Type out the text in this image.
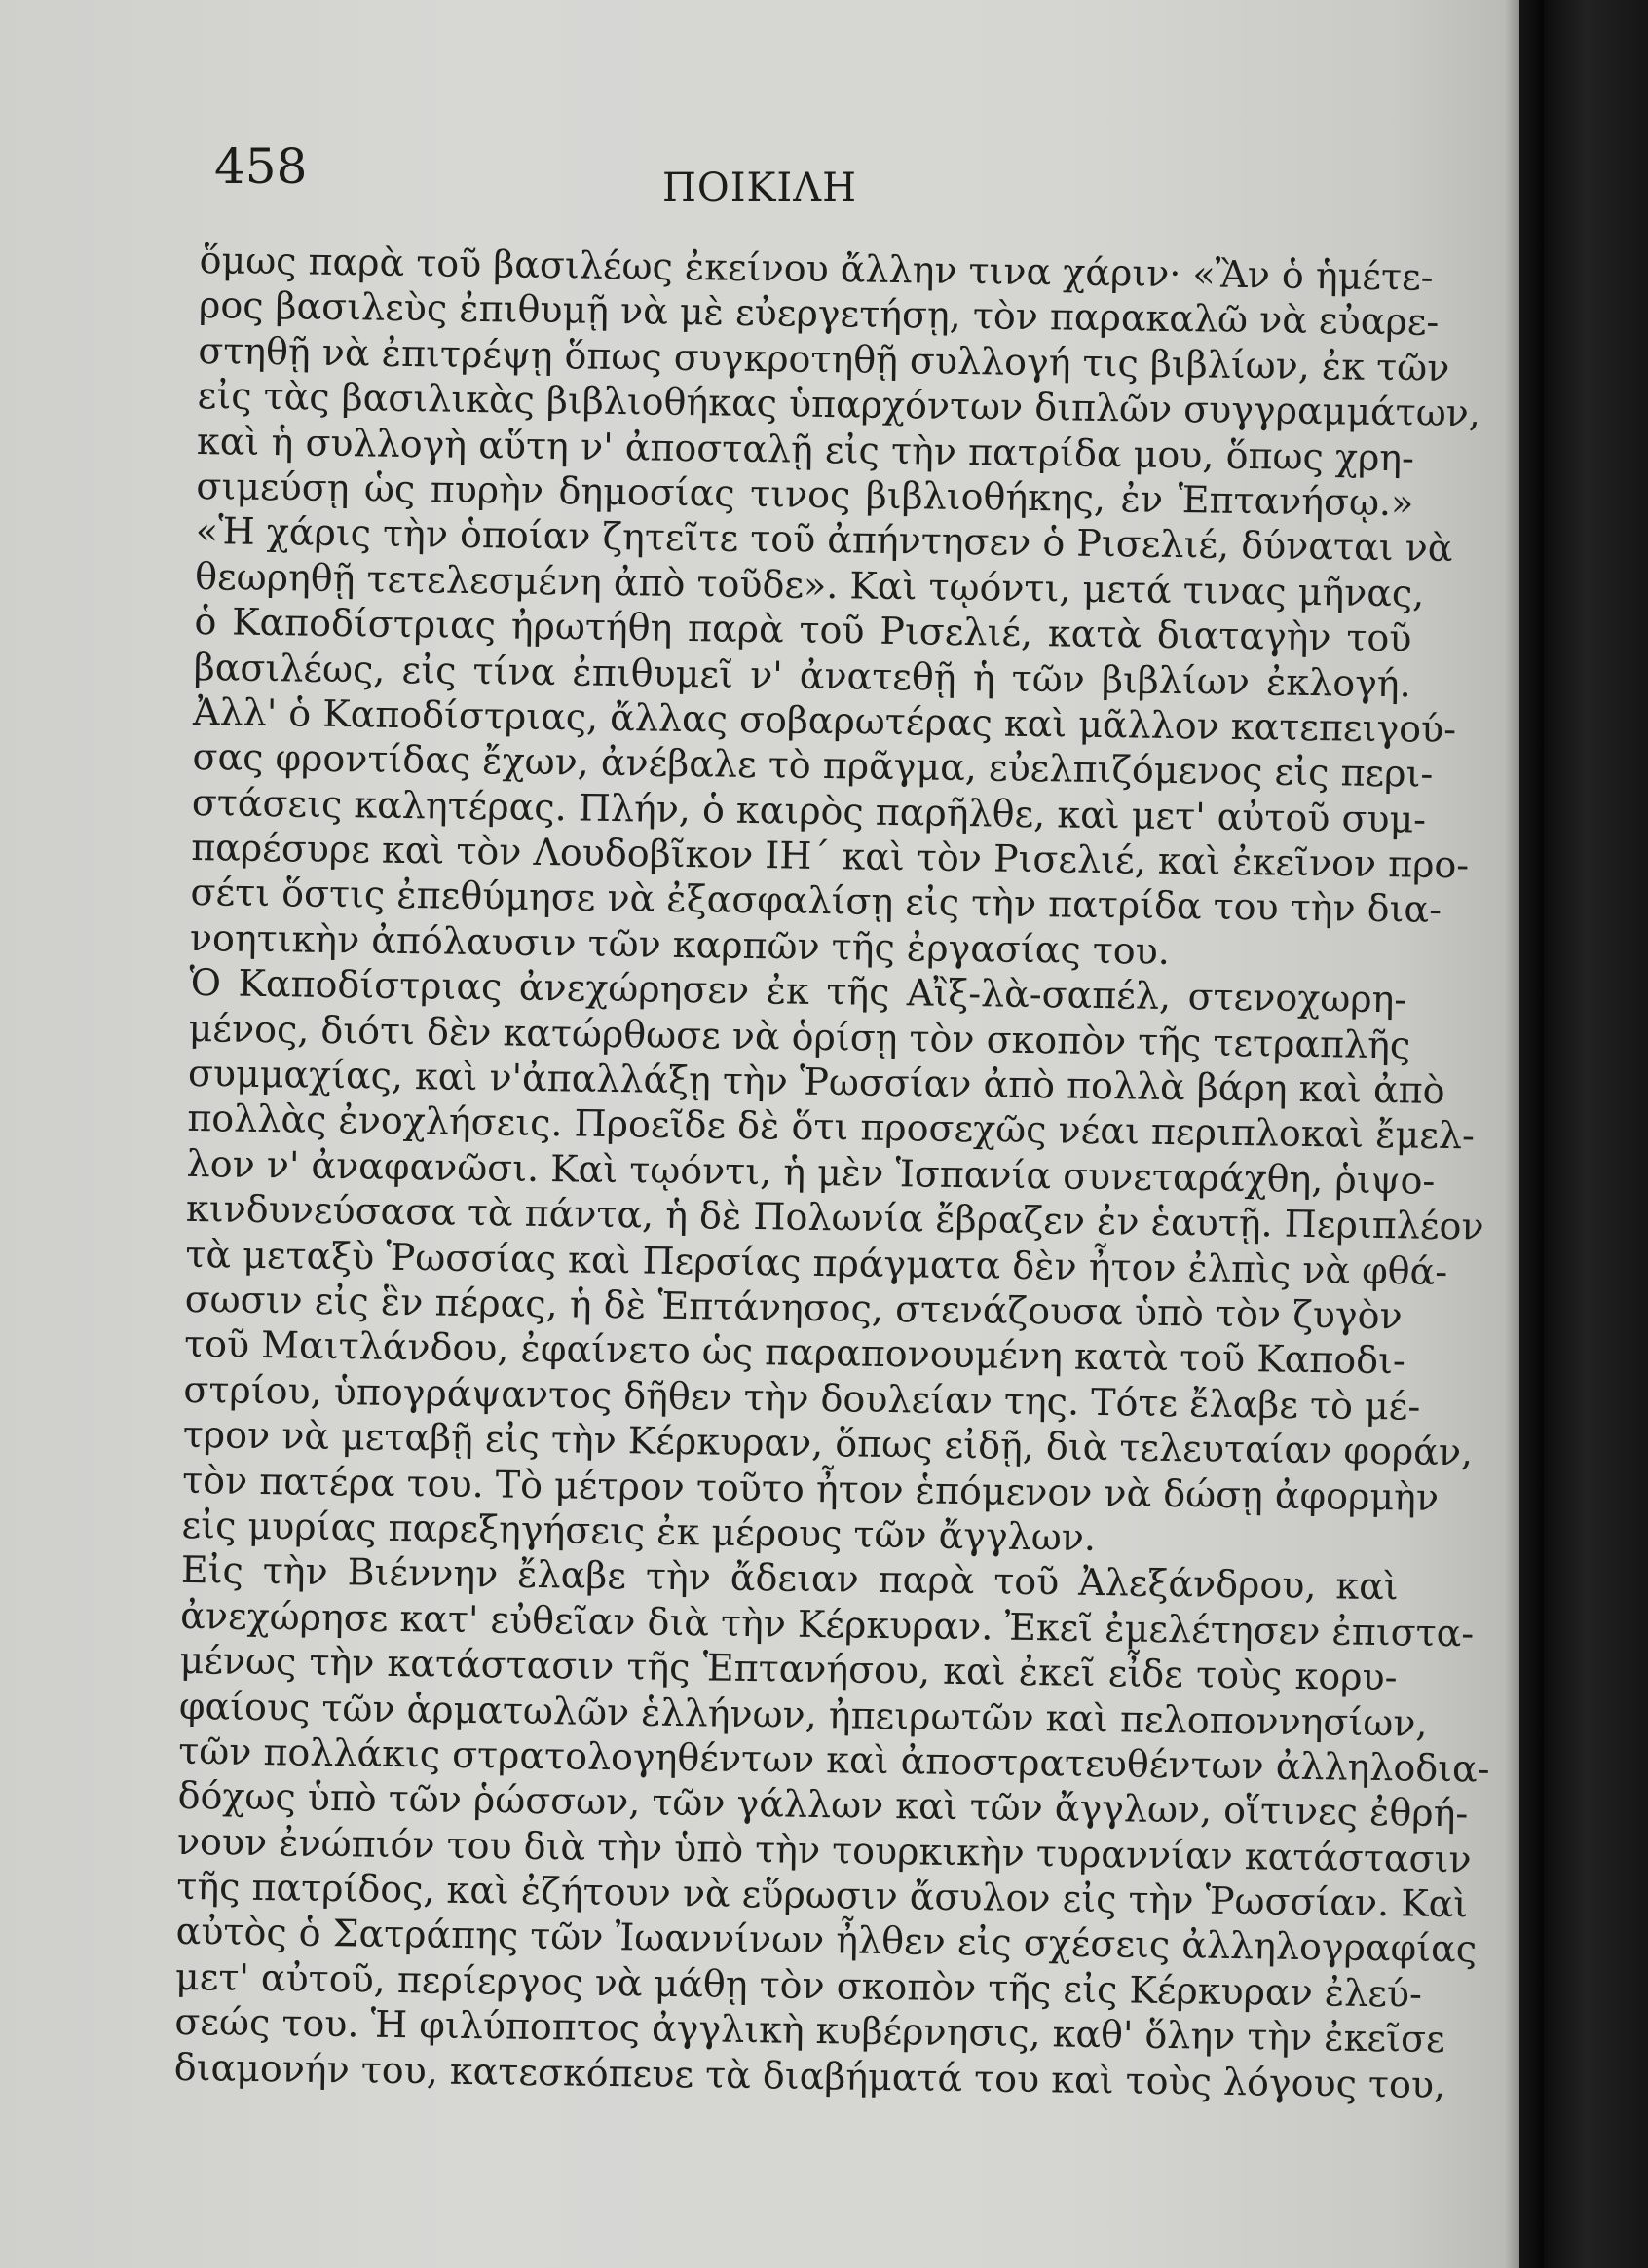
458	ΠΟΙΚΙΛΗ
ὅμως παρὰ τοῦ βασιλέως ἐκείνου ἄλλην τινα χάριν· «Ἂν ὁ ἡμέτε-
ρος βασιλεὺς ἐπιθυμῇ νὰ μὲ εὐεργετήσῃ, τὸν παρακαλῶ νὰ εὐαρε-
στηθῇ νὰ ἐπιτρέψῃ ὅπως συγκροτηθῇ συλλογή τις βιβλίων, ἐκ τῶν
εἰς τὰς βασιλικὰς βιβλιοθήκας ὑπαρχόντων διπλῶν συγγραμμάτων,
καὶ ἡ συλλογὴ αὕτη ν' ἀποσταλῇ εἰς τὴν πατρίδα μου, ὅπως χρη-
σιμεύσῃ ὡς πυρὴν δημοσίας τινος βιβλιοθήκης, ἐν Ἑπτανήσῳ.»
«Ἡ χάρις τὴν ὁποίαν ζητεῖτε τοῦ ἀπήντησεν ὁ Ρισελιέ, δύναται νὰ
θεωρηθῇ τετελεσμένη ἀπὸ τοῦδε». Καὶ τῳόντι, μετά τινας μῆνας,
ὁ Καποδίστριας ἠρωτήθη παρὰ τοῦ Ρισελιέ, κατὰ διαταγὴν τοῦ
βασιλέως, εἰς τίνα ἐπιθυμεῖ ν' ἀνατεθῇ ἡ τῶν βιβλίων ἐκλογή.
Ἀλλ' ὁ Καποδίστριας, ἄλλας σοβαρωτέρας καὶ μᾶλλον κατεπειγού-
σας φροντίδας ἔχων, ἀνέβαλε τὸ πρᾶγμα, εὐελπιζόμενος εἰς περι-
στάσεις καλητέρας. Πλήν, ὁ καιρὸς παρῆλθε, καὶ μετ' αὐτοῦ συμ-
παρέσυρε καὶ τὸν Λουδοβῖκον ΙΗ΄ καὶ τὸν Ρισελιέ, καὶ ἐκεῖνον προ-
σέτι ὅστις ἐπεθύμησε νὰ ἐξασφαλίσῃ εἰς τὴν πατρίδα του τὴν δια-
νοητικὴν ἀπόλαυσιν τῶν καρπῶν τῆς ἐργασίας του.
Ὁ Καποδίστριας ἀνεχώρησεν ἐκ τῆς Αἲξ-λὰ-σαπέλ, στενοχωρη-
μένος, διότι δὲν κατώρθωσε νὰ ὁρίσῃ τὸν σκοπὸν τῆς τετραπλῆς
συμμαχίας, καὶ ν'ἀπαλλάξῃ τὴν Ῥωσσίαν ἀπὸ πολλὰ βάρη καὶ ἀπὸ
πολλὰς ἐνοχλήσεις. Προεῖδε δὲ ὅτι προσεχῶς νέαι περιπλοκαὶ ἔμελ-
λον ν' ἀναφανῶσι. Καὶ τῳόντι, ἡ μὲν Ἱσπανία συνεταράχθη, ῥιψο-
κινδυνεύσασα τὰ πάντα, ἡ δὲ Πολωνία ἔβραζεν ἐν ἑαυτῇ. Περιπλέον
τὰ μεταξὺ Ῥωσσίας καὶ Περσίας πράγματα δὲν ἦτον ἐλπὶς νὰ φθά-
σωσιν εἰς ἓν πέρας, ἡ δὲ Ἑπτάνησος, στενάζουσα ὑπὸ τὸν ζυγὸν
τοῦ Μαιτλάνδου, ἐφαίνετο ὡς παραπονουμένη κατὰ τοῦ Καποδι-
στρίου, ὑπογράψαντος δῆθεν τὴν δουλείαν της. Τότε ἔλαβε τὸ μέ-
τρον νὰ μεταβῇ εἰς τὴν Κέρκυραν, ὅπως εἰδῇ, διὰ τελευταίαν φοράν,
τὸν πατέρα του. Τὸ μέτρον τοῦτο ἦτον ἑπόμενον νὰ δώσῃ ἀφορμὴν
εἰς μυρίας παρεξηγήσεις ἐκ μέρους τῶν ἄγγλων.
Εἰς τὴν Βιέννην ἔλαβε τὴν ἄδειαν παρὰ τοῦ Ἀλεξάνδρου, καὶ
ἀνεχώρησε κατ' εὐθεῖαν διὰ τὴν Κέρκυραν. Ἐκεῖ ἐμελέτησεν ἐπιστα-
μένως τὴν κατάστασιν τῆς Ἑπτανήσου, καὶ ἐκεῖ εἶδε τοὺς κορυ-
φαίους τῶν ἁρματωλῶν ἑλλήνων, ἠπειρωτῶν καὶ πελοποννησίων,
τῶν πολλάκις στρατολογηθέντων καὶ ἀποστρατευθέντων ἀλληλοδια-
δόχως ὑπὸ τῶν ῥώσσων, τῶν γάλλων καὶ τῶν ἄγγλων, οἵτινες ἐθρή-
νουν ἐνώπιόν του διὰ τὴν ὑπὸ τὴν τουρκικὴν τυραννίαν κατάστασιν
τῆς πατρίδος, καὶ ἐζήτουν νὰ εὕρωσιν ἄσυλον εἰς τὴν Ῥωσσίαν. Καὶ
αὐτὸς ὁ Σατράπης τῶν Ἰωαννίνων ἦλθεν εἰς σχέσεις ἀλληλογραφίας
μετ' αὐτοῦ, περίεργος νὰ μάθῃ τὸν σκοπὸν τῆς εἰς Κέρκυραν ἐλεύ-
σεώς του. Ἡ φιλύποπτος ἀγγλικὴ κυβέρνησις, καθ' ὅλην τὴν ἐκεῖσε
διαμονήν του, κατεσκόπευε τὰ διαβήματά του καὶ τοὺς λόγους του,
